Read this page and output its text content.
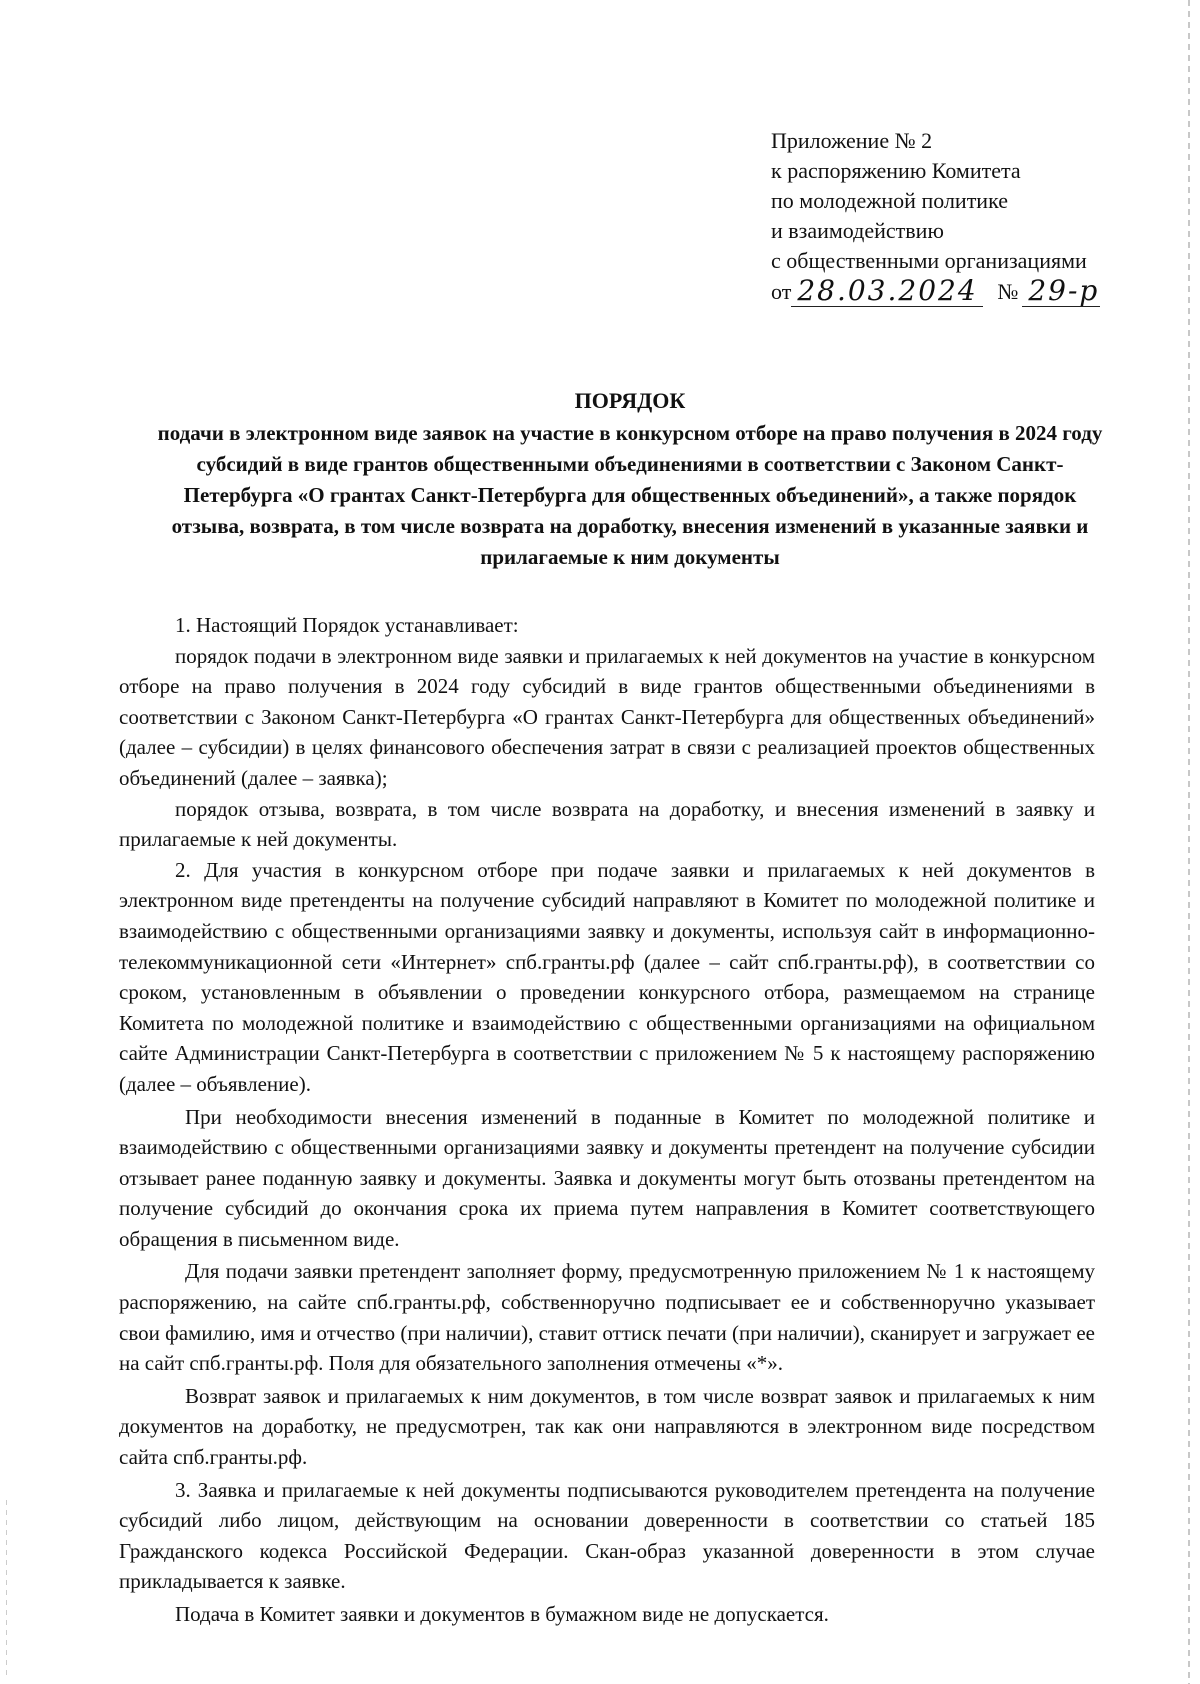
Приложение № 2
к распоряжению Комитета
по молодежной политике
и взаимодействию
с общественными организациями
от 28.03.2024 № 29-р
ПОРЯДОК
подачи в электронном виде заявок на участие в конкурсном отборе на право получения в 2024 году субсидий в виде грантов общественными объединениями в соответствии с Законом Санкт-Петербурга «О грантах Санкт-Петербурга для общественных объединений», а также порядок отзыва, возврата, в том числе возврата на доработку, внесения изменений в указанные заявки и прилагаемые к ним документы

1. Настоящий Порядок устанавливает:

порядок подачи в электронном виде заявки и прилагаемых к ней документов на участие в конкурсном отборе на право получения в 2024 году субсидий в виде грантов общественными объединениями в соответствии с Законом Санкт-Петербурга «О грантах Санкт-Петербурга для общественных объединений» (далее – субсидии) в целях финансового обеспечения затрат в связи с реализацией проектов общественных объединений (далее – заявка);

порядок отзыва, возврата, в том числе возврата на доработку, и внесения изменений в заявку и прилагаемые к ней документы.

2. Для участия в конкурсном отборе при подаче заявки и прилагаемых к ней документов в электронном виде претенденты на получение субсидий направляют в Комитет по молодежной политике и взаимодействию с общественными организациями заявку и документы, используя сайт в информационно-телекоммуникационной сети «Интернет» спб.гранты.рф (далее – сайт спб.гранты.рф), в соответствии со сроком, установленным в объявлении о проведении конкурсного отбора, размещаемом на странице Комитета по молодежной политике и взаимодействию с общественными организациями на официальном сайте Администрации Санкт-Петербурга в соответствии с приложением № 5 к настоящему распоряжению (далее – объявление).

При необходимости внесения изменений в поданные в Комитет по молодежной политике и взаимодействию с общественными организациями заявку и документы претендент на получение субсидии отзывает ранее поданную заявку и документы. Заявка и документы могут быть отозваны претендентом на получение субсидий до окончания срока их приема путем направления в Комитет соответствующего обращения в письменном виде.

Для подачи заявки претендент заполняет форму, предусмотренную приложением № 1 к настоящему распоряжению, на сайте спб.гранты.рф, собственноручно подписывает ее и собственноручно указывает свои фамилию, имя и отчество (при наличии), ставит оттиск печати (при наличии), сканирует и загружает ее на сайт спб.гранты.рф. Поля для обязательного заполнения отмечены «*».

Возврат заявок и прилагаемых к ним документов, в том числе возврат заявок и прилагаемых к ним документов на доработку, не предусмотрен, так как они направляются в электронном виде посредством сайта спб.гранты.рф.

3. Заявка и прилагаемые к ней документы подписываются руководителем претендента на получение субсидий либо лицом, действующим на основании доверенности в соответствии со статьей 185 Гражданского кодекса Российской Федерации. Скан-образ указанной доверенности в этом случае прикладывается к заявке.

Подача в Комитет заявки и документов в бумажном виде не допускается.
